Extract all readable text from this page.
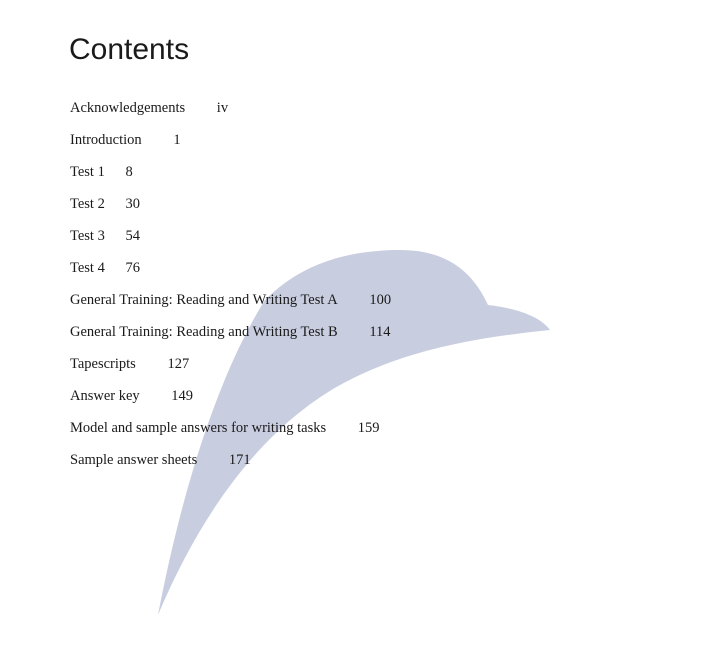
Contents
Acknowledgements iv
Introduction 1
Test 1 8
Test 2 30
Test 3 54
Test 4 76
General Training: Reading and Writing Test A 100
General Training: Reading and Writing Test B 114
Tapescripts 127
Answer key 149
Model and sample answers for writing tasks 159
Sample answer sheets 171
